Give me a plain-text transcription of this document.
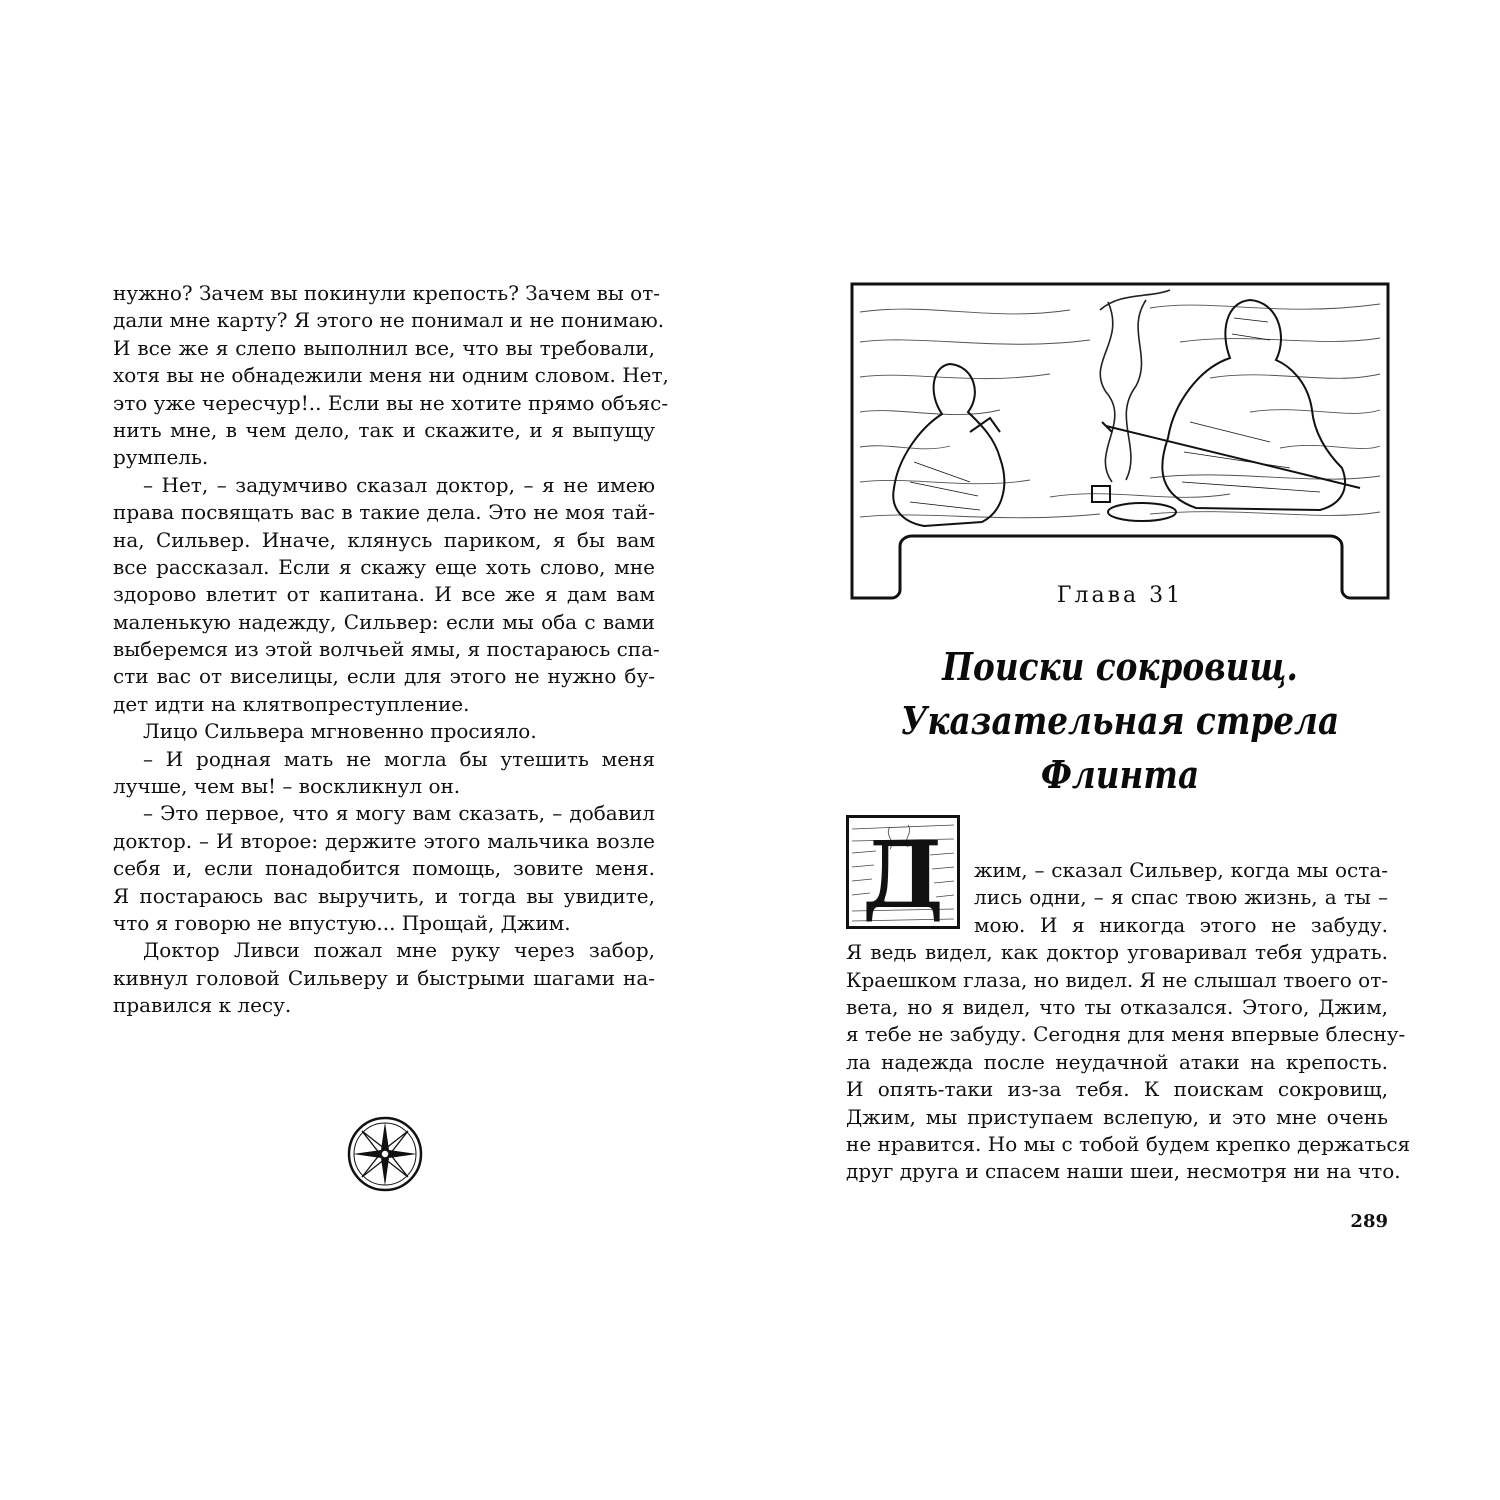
нужно? Зачем вы покинули крепость? Зачем вы от-
дали мне карту? Я этого не понимал и не понимаю.
И все же я слепо выполнил все, что вы требовали,
хотя вы не обнадежили меня ни одним словом. Нет,
это уже чересчур!.. Если вы не хотите прямо объяс-
нить мне, в чем дело, так и скажите, и я выпущу
румпель.
– Нет, – задумчиво сказал доктор, – я не имею
права посвящать вас в такие дела. Это не моя тай-
на, Сильвер. Иначе, клянусь париком, я бы вам
все рассказал. Если я скажу еще хоть слово, мне
здорово влетит от капитана. И все же я дам вам
маленькую надежду, Сильвер: если мы оба с вами
выберемся из этой волчьей ямы, я постараюсь спа-
сти вас от виселицы, если для этого не нужно бу-
дет идти на клятвопреступление.
Лицо Сильвера мгновенно просияло.
– И родная мать не могла бы утешить меня
лучше, чем вы! – воскликнул он.
– Это первое, что я могу вам сказать, – добавил
доктор. – И второе: держите этого мальчика возле
себя и, если понадобится помощь, зовите меня.
Я постараюсь вас выручить, и тогда вы увидите,
что я говорю не впустую... Прощай, Джим.
Доктор Ливси пожал мне руку через забор,
кивнул головой Сильверу и быстрыми шагами на-
правился к лесу.
Глава 31
Поиски сокровищ.
Указательная стрела Флинта
Д	жим, – сказал Сильвер, когда мы оста-
лись одни, – я спас твою жизнь, а ты –
мою. И я никогда этого не забуду.
Я ведь видел, как доктор уговаривал тебя удрать.
Краешком глаза, но видел. Я не слышал твоего от-
вета, но я видел, что ты отказался. Этого, Джим,
я тебе не забуду. Сегодня для меня впервые блесну-
ла надежда после неудачной атаки на крепость.
И опять-таки из-за тебя. К поискам сокровищ,
Джим, мы приступаем вслепую, и это мне очень
не нравится. Но мы с тобой будем крепко держаться
друг друга и спасем наши шеи, несмотря ни на что.
289
